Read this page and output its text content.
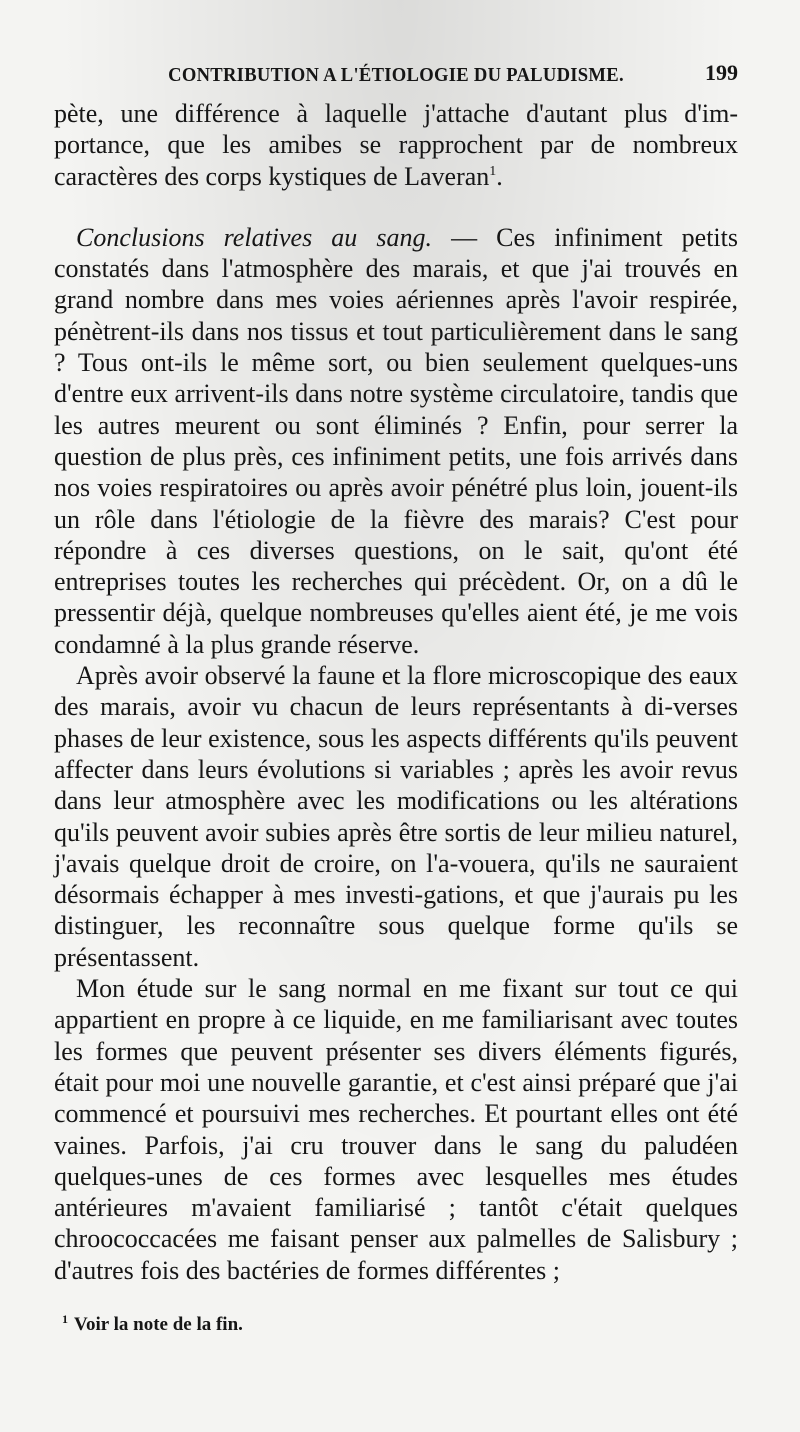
CONTRIBUTION A L'ÉTIOLOGIE DU PALUDISME.	199

pète, une différence à laquelle j'attache d'autant plus d'im-portance, que les amibes se rapprochent par de nombreux caractères des corps kystiques de Laveran$^1$.

Conclusions relatives au sang. — Ces infiniment petits constatés dans l'atmosphère des marais, et que j'ai trouvés en grand nombre dans mes voies aériennes après l'avoir respirée, pénètrent-ils dans nos tissus et tout particulièrement dans le sang ? Tous ont-ils le même sort, ou bien seulement quelques-uns d'entre eux arrivent-ils dans notre système circulatoire, tandis que les autres meurent ou sont éliminés ? Enfin, pour serrer la question de plus près, ces infiniment petits, une fois arrivés dans nos voies respiratoires ou après avoir pénétré plus loin, jouent-ils un rôle dans l'étiologie de la fièvre des marais? C'est pour répondre à ces diverses questions, on le sait, qu'ont été entreprises toutes les recherches qui précèdent. Or, on a dû le pressentir déjà, quelque nombreuses qu'elles aient été, je me vois condamné à la plus grande réserve.

Après avoir observé la faune et la flore microscopique des eaux des marais, avoir vu chacun de leurs représentants à di-verses phases de leur existence, sous les aspects différents qu'ils peuvent affecter dans leurs évolutions si variables ; après les avoir revus dans leur atmosphère avec les modifications ou les altérations qu'ils peuvent avoir subies après être sortis de leur milieu naturel, j'avais quelque droit de croire, on l'a-vouera, qu'ils ne sauraient désormais échapper à mes investi-gations, et que j'aurais pu les distinguer, les reconnaître sous quelque forme qu'ils se présentassent.

Mon étude sur le sang normal en me fixant sur tout ce qui appartient en propre à ce liquide, en me familiarisant avec toutes les formes que peuvent présenter ses divers éléments figurés, était pour moi une nouvelle garantie, et c'est ainsi préparé que j'ai commencé et poursuivi mes recherches. Et pourtant elles ont été vaines. Parfois, j'ai cru trouver dans le sang du paludéen quelques-unes de ces formes avec lesquelles mes études antérieures m'avaient familiarisé ; tantôt c'était quelques chroococcacées me faisant penser aux palmelles de Salisbury ; d'autres fois des bactéries de formes différentes ;

$^1$ Voir la note de la fin.
